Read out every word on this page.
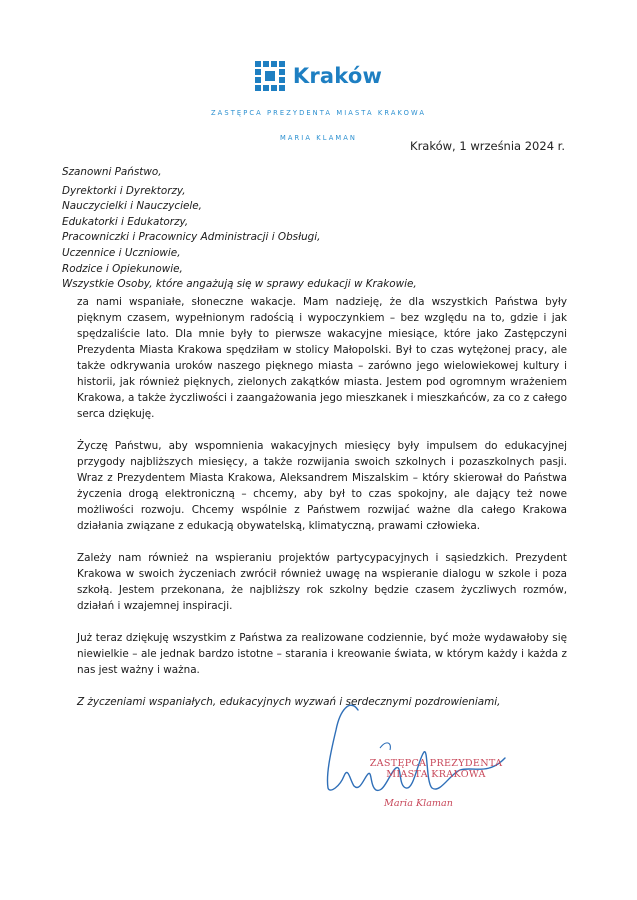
Kraków
ZASTĘPCA PREZYDENTA MIASTA KRAKOWA
MARIA KLAMAN
Kraków, 1 września 2024 r.
Szanowni Państwo,
Dyrektorki i Dyrektorzy,
Nauczycielki i Nauczyciele,
Edukatorki i Edukatorzy,
Pracowniczki i Pracownicy Administracji i Obsługi,
Uczennice i Uczniowie,
Rodzice i Opiekunowie,
Wszystkie Osoby, które angażują się w sprawy edukacji w Krakowie,

za nami wspaniałe, słoneczne wakacje. Mam nadzieję, że dla wszystkich Państwa były pięknym czasem, wypełnionym radością i wypoczynkiem – bez względu na to, gdzie i jak spędzaliście lato. Dla mnie były to pierwsze wakacyjne miesiące, które jako Zastępczyni Prezydenta Miasta Krakowa spędziłam w stolicy Małopolski. Był to czas wytężonej pracy, ale także odkrywania uroków naszego pięknego miasta – zarówno jego wielowiekowej kultury i historii, jak również pięknych, zielonych zakątków miasta. Jestem pod ogromnym wrażeniem Krakowa, a także życzliwości i zaangażowania jego mieszkanek i mieszkańców, za co z całego serca dziękuję.

Życzę Państwu, aby wspomnienia wakacyjnych miesięcy były impulsem do edukacyjnej przygody najbliższych miesięcy, a także rozwijania swoich szkolnych i pozaszkolnych pasji. Wraz z Prezydentem Miasta Krakowa, Aleksandrem Miszalskim – który skierował do Państwa życzenia drogą elektroniczną – chcemy, aby był to czas spokojny, ale dający też nowe możliwości rozwoju. Chcemy wspólnie z Państwem rozwijać ważne dla całego Krakowa działania związane z edukacją obywatelską, klimatyczną, prawami człowieka.

Zależy nam również na wspieraniu projektów partycypacyjnych i sąsiedzkich. Prezydent Krakowa w swoich życzeniach zwrócił również uwagę na wspieranie dialogu w szkole i poza szkołą. Jestem przekonana, że najbliższy rok szkolny będzie czasem życzliwych rozmów, działań i wzajemnej inspiracji.

Już teraz dziękuję wszystkim z Państwa za realizowane codziennie, być może wydawałoby się niewielkie – ale jednak bardzo istotne – starania i kreowanie świata, w którym każdy i każda z nas jest ważny i ważna.

Z życzeniami wspaniałych, edukacyjnych wyzwań i serdecznymi pozdrowieniami,

ZASTĘPCA PREZYDENTA
MIASTA KRAKOWA
Maria Klaman
